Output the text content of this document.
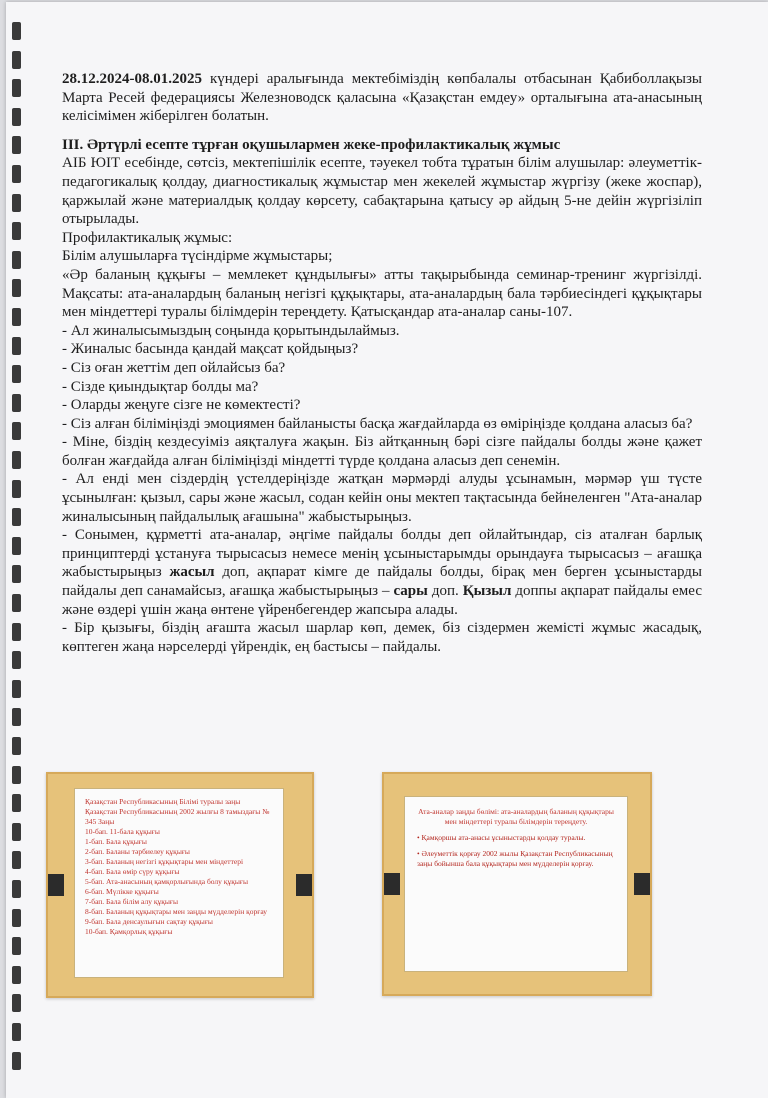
28.12.2024-08.01.2025 күндері аралығында мектебіміздің көпбалалы отбасынан Қабиболлақызы Марта Ресей федерациясы Железноводск қаласына «Қазақстан емдеу» орталығына ата-анасының келісімімен жіберілген болатын.

ІІІ. Әртүрлі есепте тұрған оқушылармен жеке-профилактикалық жұмыс

АІБ ЮІТ есебінде, сөтсіз, мектепішілік есепте, тәуекел тобта тұратын білім алушылар: әлеуметтік-педагогикалық қолдау, диагностикалық жұмыстар мен жекелей жұмыстар жүргізу (жеке жоспар), қаржылай және материалдық қолдау көрсету, сабақтарына қатысу әр айдың 5-не дейін жүргізіліп отырылады.

Профилактикалық жұмыс:

Білім алушыларға түсіндірме жұмыстары;

«Әр баланың құқығы – мемлекет құндылығы» атты тақырыбында семинар-тренинг жүргізілді. Мақсаты: ата-аналардың баланың негізгі құқықтары, ата-аналардың бала тәрбиесіндегі құқықтары мен міндеттері туралы білімдерін тереңдету. Қатысқандар ата-аналар саны-107.

- Ал жиналысымыздың соңында қорытындылаймыз.

- Жиналыс басында қандай мақсат қойдыңыз?

- Сіз оған жеттім деп ойлайсыз ба?

- Сізде қиындықтар болды ма?

- Оларды жеңуге сізге не көмектесті?

- Сіз алған біліміңізді эмоциямен байланысты басқа жағдайларда өз өміріңізде қолдана аласыз ба?

- Міне, біздің кездесуіміз аяқталуға жақын. Біз айтқанның бәрі сізге пайдалы болды және қажет болған жағдайда алған біліміңізді міндетті түрде қолдана аласыз деп сенемін.

- Ал енді мен сіздердің үстелдеріңізде жатқан мәрмәрді алуды ұсынамын, мәрмәр үш түсте ұсынылған: қызыл, сары және жасыл, содан кейін оны мектеп тақтасында бейнеленген "Ата-аналар жиналысының пайдалылық ағашына" жабыстырыңыз.

- Сонымен, құрметті ата-аналар, әңгіме пайдалы болды деп ойлайтындар, сіз аталған барлық принциптерді ұстануға тырысасыз немесе менің ұсыныстарымды орындауға тырысасыз – ағашқа жабыстырыңыз жасыл доп, ақпарат кімге де пайдалы болды, бірақ мен берген ұсыныстарды пайдалы деп санамайсыз, ағашқа жабыстырыңыз – сары доп. Қызыл доппы ақпарат пайдалы емес және өздері үшін жаңа өнтене үйренбегендер жапсыра алады.

- Бір қызығы, біздің ағашта жасыл шарлар көп, демек, біз сіздермен жемісті жұмыс жасадық, көптеген жаңа нәрселерді үйрендік, ең бастысы – пайдалы.

Қазақстан Республикасының Білімі туралы заңы

Қазақстан Республикасының 2002 жылғы 8 тамыздағы № 345 Заңы

10-бап. 11-бала құқығы

1-бап. Бала құқығы

2-бап. Баланы тәрбиелеу құқығы

3-бап. Баланың негізгі құқықтары мен міндеттері

4-бап. Бала өмір сүру құқығы

5-бап. Ата-анасының қамқорлығында болу құқығы

6-бап. Мүлікке құқығы

7-бап. Бала білім алу құқығы

8-бап. Баланың құқықтары мен заңды мүдделерін қорғау

9-бап. Бала денсаулығын сақтау құқығы

10-бап. Қамқорлық құқығы

Ата-аналар заңды бөлімі: ата-аналардың баланың құқықтары мен міндеттері туралы білімдерін тереңдету.

• Қамқоршы ата-анасы ұсыныстарды қолдау туралы.

• Әлеуметтік қорғау 2002 жылы Қазақстан Республикасының заңы бойынша бала құқықтары мен мүдделерін қорғау.
